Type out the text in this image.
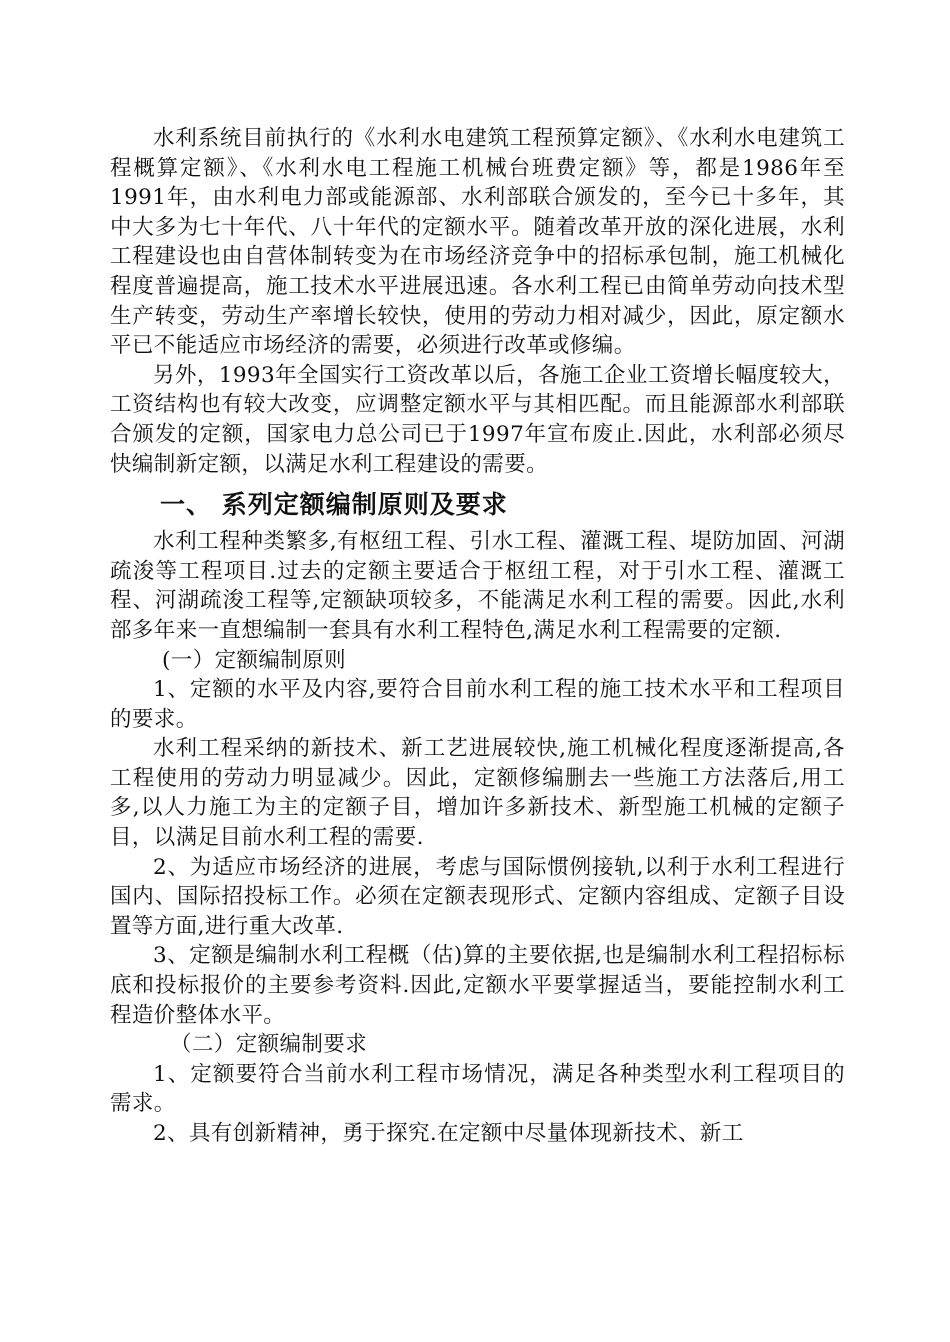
水利系统目前执行的《水利水电建筑工程预算定额》、《水利水电建筑工程概算定额》、《水利水电工程施工机械台班费定额》等，都是1986年至1991年，由水利电力部或能源部、水利部联合颁发的，至今已十多年，其中大多为七十年代、八十年代的定额水平。随着改革开放的深化进展，水利工程建设也由自营体制转变为在市场经济竞争中的招标承包制，施工机械化程度普遍提高，施工技术水平进展迅速。各水利工程已由简单劳动向技术型生产转变，劳动生产率增长较快，使用的劳动力相对减少，因此，原定额水平已不能适应市场经济的需要，必须进行改革或修编。

另外，1993年全国实行工资改革以后，各施工企业工资增长幅度较大，工资结构也有较大改变，应调整定额水平与其相匹配。而且能源部水利部联合颁发的定额，国家电力总公司已于1997年宣布废止.因此，水利部必须尽快编制新定额，以满足水利工程建设的需要。

一、 系列定额编制原则及要求

水利工程种类繁多,有枢纽工程、引水工程、灌溉工程、堤防加固、河湖疏浚等工程项目.过去的定额主要适合于枢纽工程，对于引水工程、灌溉工程、河湖疏浚工程等,定额缺项较多，不能满足水利工程的需要。因此,水利部多年来一直想编制一套具有水利工程特色,满足水利工程需要的定额.

(一）定额编制原则

1、定额的水平及内容,要符合目前水利工程的施工技术水平和工程项目的要求。

水利工程采纳的新技术、新工艺进展较快,施工机械化程度逐渐提高,各工程使用的劳动力明显减少。因此，定额修编删去一些施工方法落后,用工多,以人力施工为主的定额子目，增加许多新技术、新型施工机械的定额子目，以满足目前水利工程的需要.

2、为适应市场经济的进展，考虑与国际惯例接轨,以利于水利工程进行国内、国际招投标工作。必须在定额表现形式、定额内容组成、定额子目设置等方面,进行重大改革.

3、定额是编制水利工程概（估)算的主要依据,也是编制水利工程招标标底和投标报价的主要参考资料.因此,定额水平要掌握适当，要能控制水利工程造价整体水平。

（二）定额编制要求

1、定额要符合当前水利工程市场情况，满足各种类型水利工程项目的需求。

2、具有创新精神，勇于探究.在定额中尽量体现新技术、新工
